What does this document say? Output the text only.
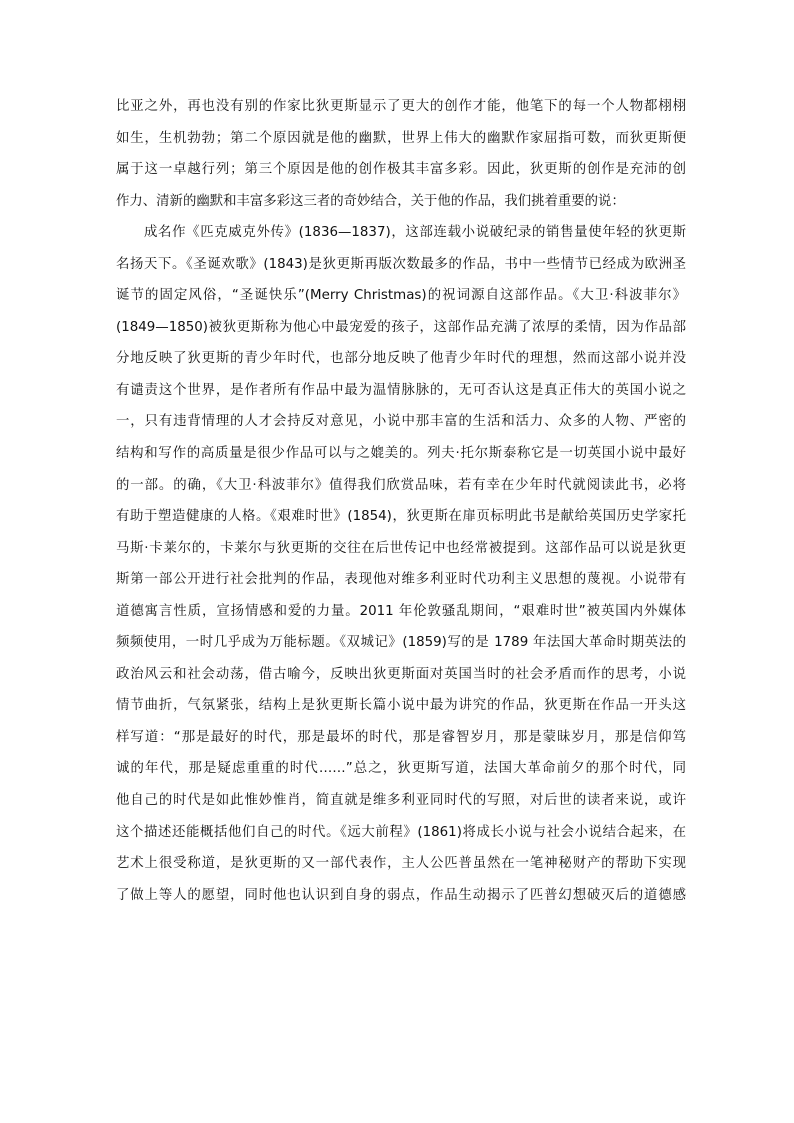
比亚之外，再也没有别的作家比狄更斯显示了更大的创作才能，他笔下的每一个人物都栩栩
如生，生机勃勃；第二个原因就是他的幽默，世界上伟大的幽默作家屈指可数，而狄更斯便
属于这一卓越行列；第三个原因是他的创作极其丰富多彩。因此，狄更斯的创作是充沛的创
作力、清新的幽默和丰富多彩这三者的奇妙结合，关于他的作品，我们挑着重要的说：
成名作《匹克威克外传》(1836—1837)，这部连载小说破纪录的销售量使年轻的狄更斯
名扬天下。《圣诞欢歌》(1843)是狄更斯再版次数最多的作品，书中一些情节已经成为欧洲圣
诞节的固定风俗，“圣诞快乐”(Merry Christmas)的祝词源自这部作品。《大卫·科波菲尔》
(1849—1850)被狄更斯称为他心中最宠爱的孩子，这部作品充满了浓厚的柔情，因为作品部
分地反映了狄更斯的青少年时代，也部分地反映了他青少年时代的理想，然而这部小说并没
有谴责这个世界，是作者所有作品中最为温情脉脉的，无可否认这是真正伟大的英国小说之
一，只有违背情理的人才会持反对意见，小说中那丰富的生活和活力、众多的人物、严密的
结构和写作的高质量是很少作品可以与之媲美的。列夫·托尔斯泰称它是一切英国小说中最好
的一部。的确，《大卫·科波菲尔》值得我们欣赏品味，若有幸在少年时代就阅读此书，必将
有助于塑造健康的人格。《艰难时世》(1854)，狄更斯在扉页标明此书是献给英国历史学家托
马斯·卡莱尔的，卡莱尔与狄更斯的交往在后世传记中也经常被提到。这部作品可以说是狄更
斯第一部公开进行社会批判的作品，表现他对维多利亚时代功利主义思想的蔑视。小说带有
道德寓言性质，宣扬情感和爱的力量。2011 年伦敦骚乱期间，“艰难时世”被英国内外媒体
频频使用，一时几乎成为万能标题。《双城记》(1859)写的是 1789 年法国大革命时期英法的
政治风云和社会动荡，借古喻今，反映出狄更斯面对英国当时的社会矛盾而作的思考，小说
情节曲折，气氛紧张，结构上是狄更斯长篇小说中最为讲究的作品，狄更斯在作品一开头这
样写道：“那是最好的时代，那是最坏的时代，那是睿智岁月，那是蒙昧岁月，那是信仰笃
诚的年代，那是疑虑重重的时代……”总之，狄更斯写道，法国大革命前夕的那个时代，同
他自己的时代是如此惟妙惟肖，简直就是维多利亚同时代的写照，对后世的读者来说，或许
这个描述还能概括他们自己的时代。《远大前程》(1861)将成长小说与社会小说结合起来，在
艺术上很受称道，是狄更斯的又一部代表作，主人公匹普虽然在一笔神秘财产的帮助下实现
了做上等人的愿望，同时他也认识到自身的弱点，作品生动揭示了匹普幻想破灭后的道德感
